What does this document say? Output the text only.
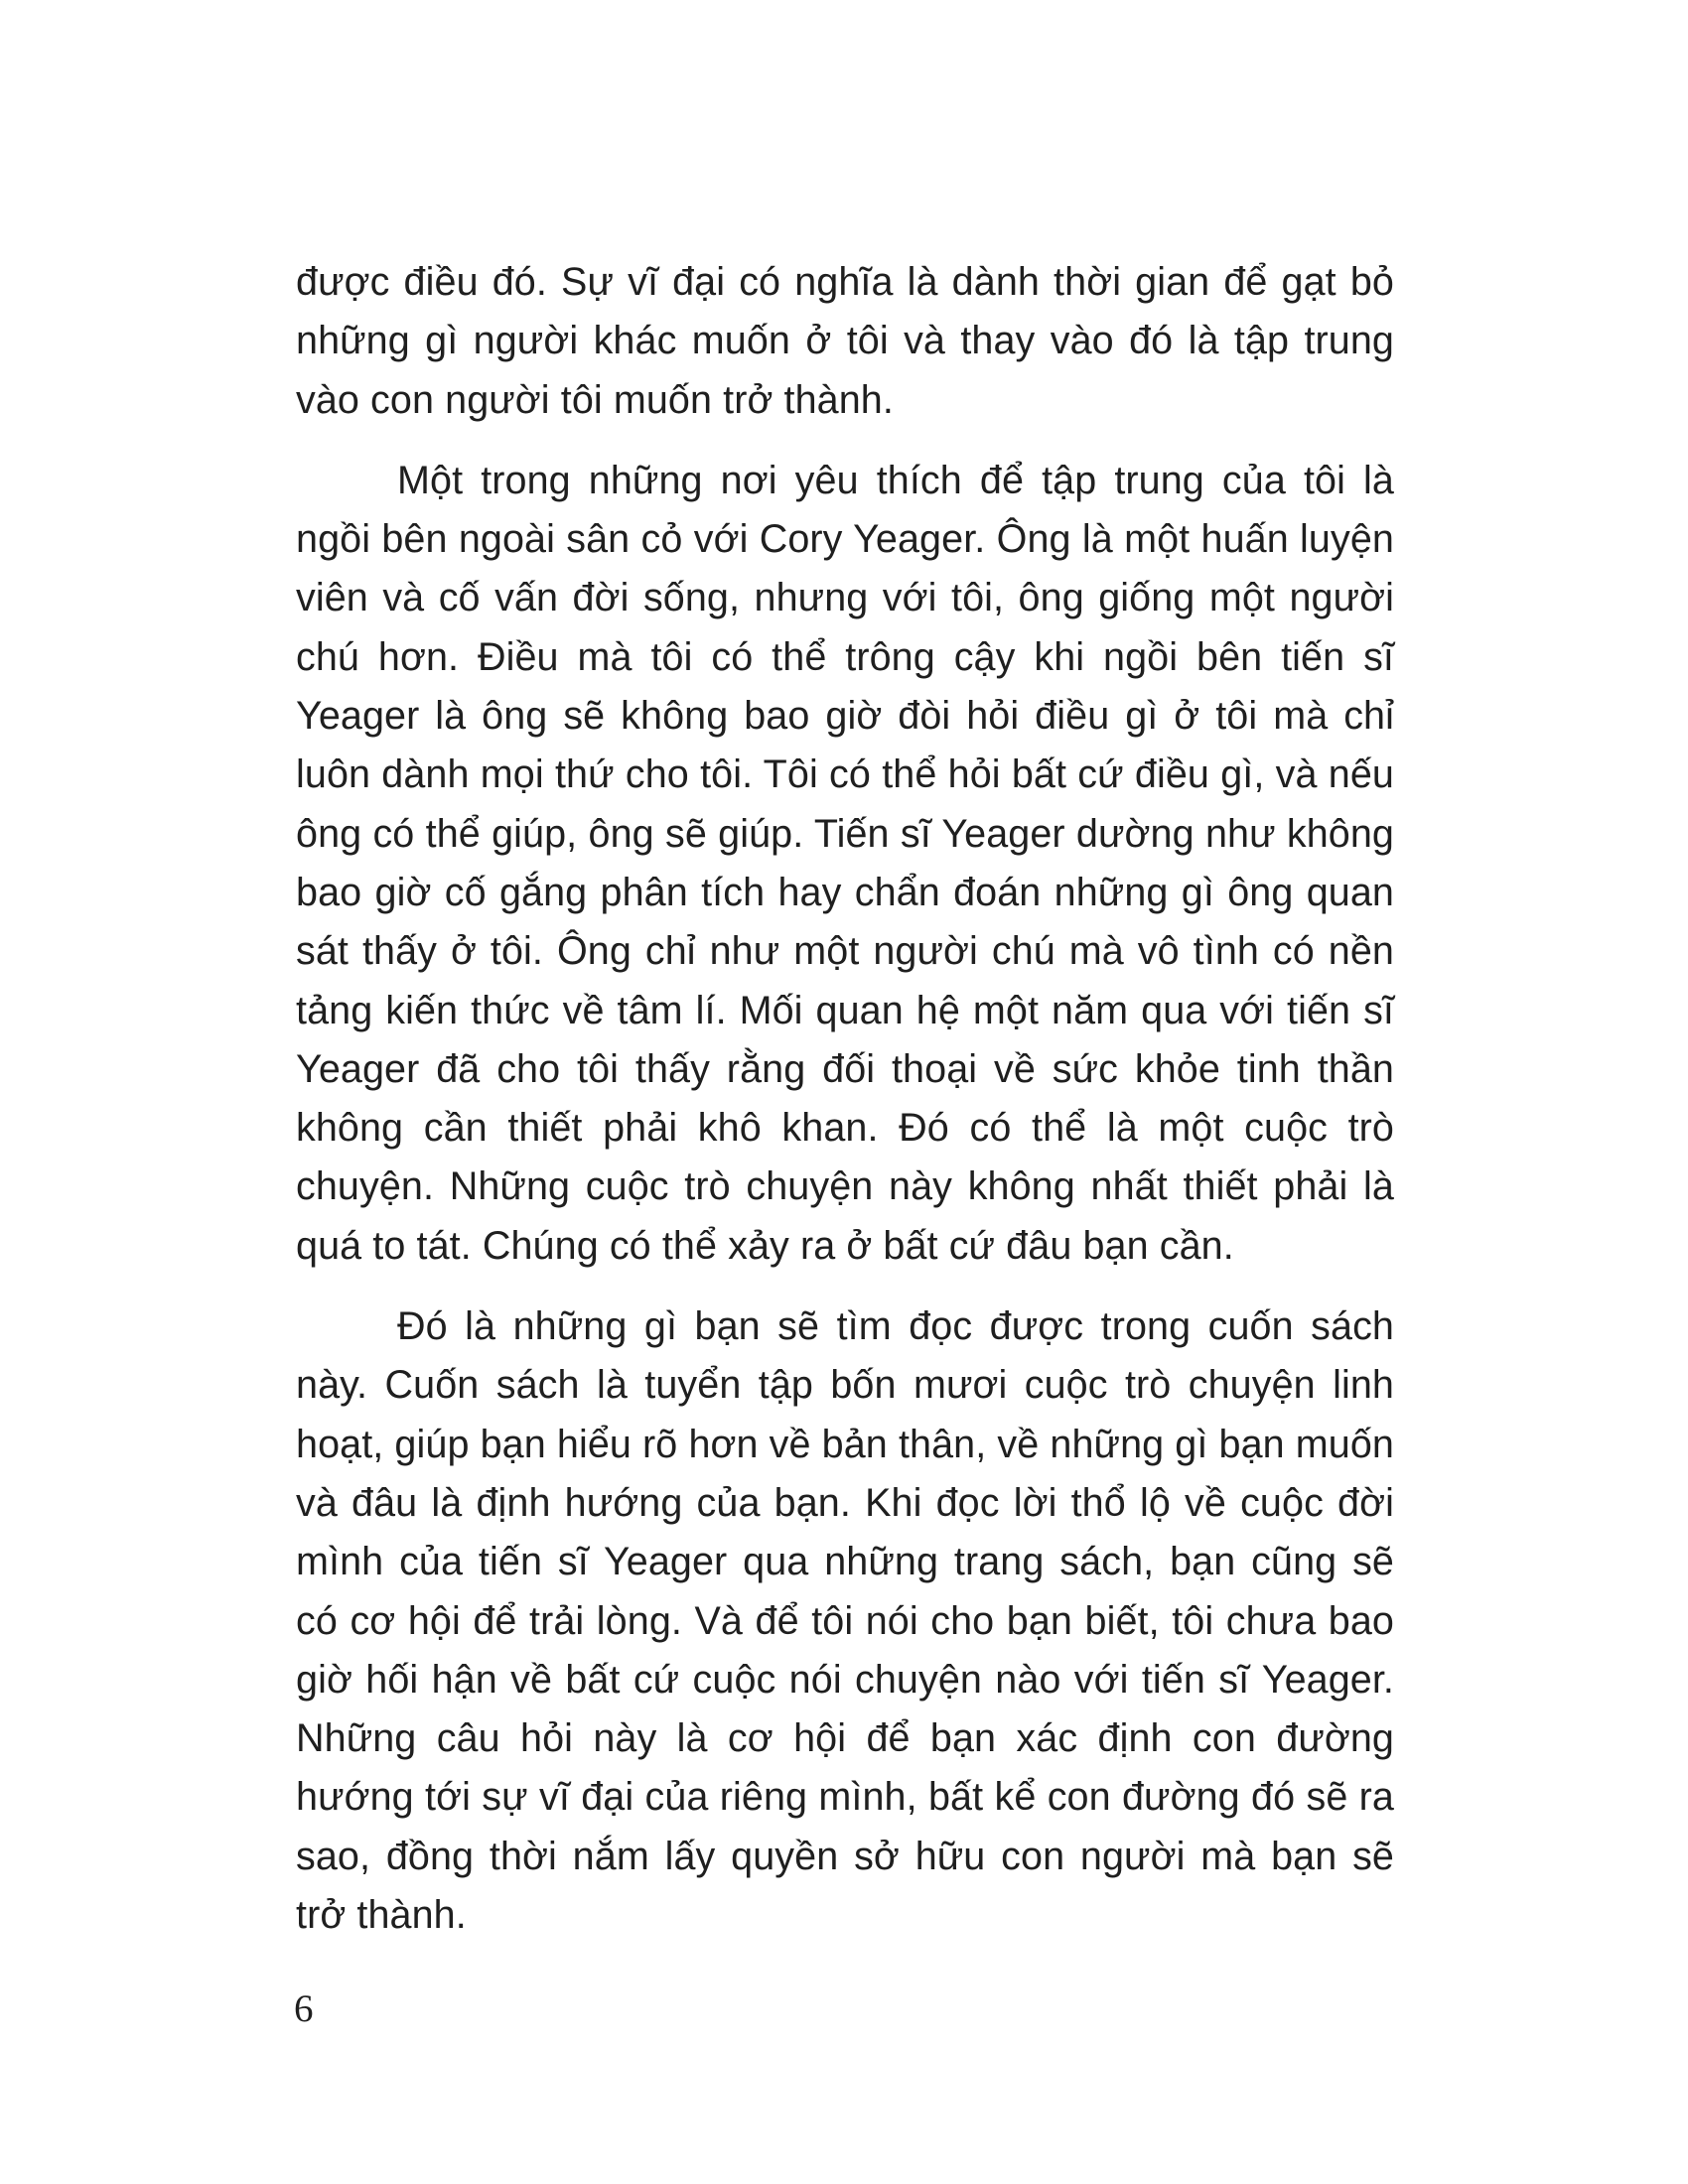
được điều đó. Sự vĩ đại có nghĩa là dành thời gian để gạt bỏ những gì người khác muốn ở tôi và thay vào đó là tập trung vào con người tôi muốn trở thành.

Một trong những nơi yêu thích để tập trung của tôi là ngồi bên ngoài sân cỏ với Cory Yeager. Ông là một huấn luyện viên và cố vấn đời sống, nhưng với tôi, ông giống một người chú hơn. Điều mà tôi có thể trông cậy khi ngồi bên tiến sĩ Yeager là ông sẽ không bao giờ đòi hỏi điều gì ở tôi mà chỉ luôn dành mọi thứ cho tôi. Tôi có thể hỏi bất cứ điều gì, và nếu ông có thể giúp, ông sẽ giúp. Tiến sĩ Yeager dường như không bao giờ cố gắng phân tích hay chẩn đoán những gì ông quan sát thấy ở tôi. Ông chỉ như một người chú mà vô tình có nền tảng kiến thức về tâm lí. Mối quan hệ một năm qua với tiến sĩ Yeager đã cho tôi thấy rằng đối thoại về sức khỏe tinh thần không cần thiết phải khô khan. Đó có thể là một cuộc trò chuyện. Những cuộc trò chuyện này không nhất thiết phải là quá to tát. Chúng có thể xảy ra ở bất cứ đâu bạn cần.

Đó là những gì bạn sẽ tìm đọc được trong cuốn sách này. Cuốn sách là tuyển tập bốn mươi cuộc trò chuyện linh hoạt, giúp bạn hiểu rõ hơn về bản thân, về những gì bạn muốn và đâu là định hướng của bạn. Khi đọc lời thổ lộ về cuộc đời mình của tiến sĩ Yeager qua những trang sách, bạn cũng sẽ có cơ hội để trải lòng. Và để tôi nói cho bạn biết, tôi chưa bao giờ hối hận về bất cứ cuộc nói chuyện nào với tiến sĩ Yeager. Những câu hỏi này là cơ hội để bạn xác định con đường hướng tới sự vĩ đại của riêng mình, bất kể con đường đó sẽ ra sao, đồng thời nắm lấy quyền sở hữu con người mà bạn sẽ trở thành.

6
